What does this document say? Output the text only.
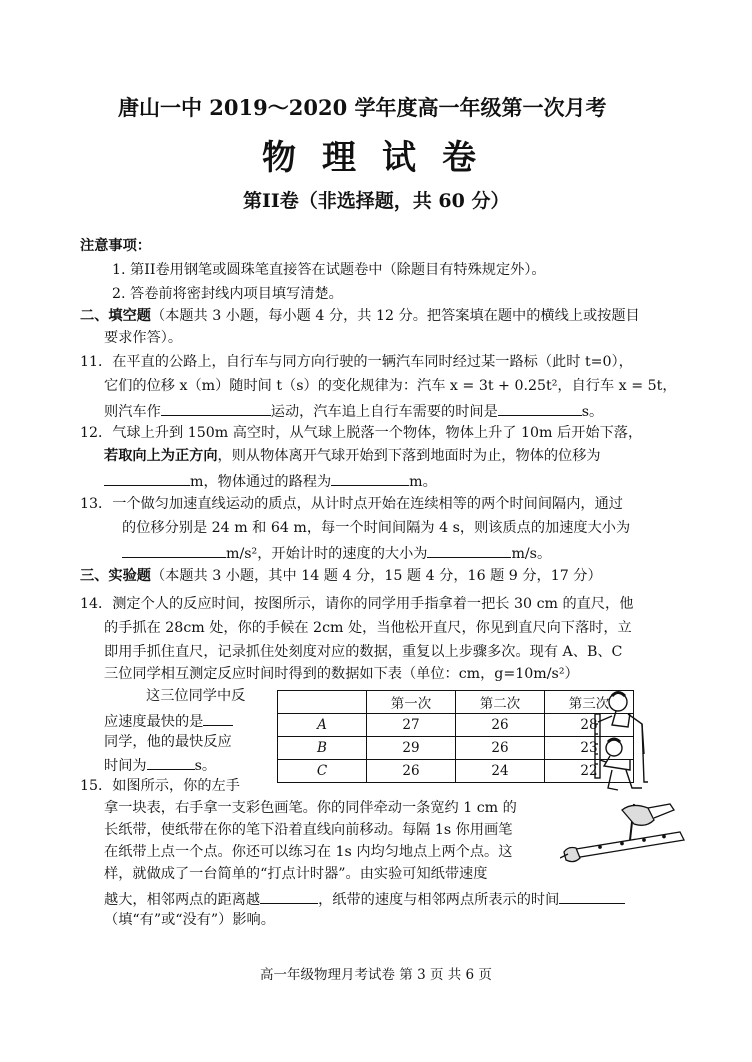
唐山一中 2019～2020 学年度高一年级第一次月考
物理试卷
第II卷（非选择题，共 60 分）
注意事项：
1. 第II卷用钢笔或圆珠笔直接答在试题卷中（除题目有特殊规定外）。
2. 答卷前将密封线内项目填写清楚。
二、填空题（本题共 3 小题，每小题 4 分，共 12 分。把答案填在题中的横线上或按题目
要求作答）。
11．在平直的公路上，自行车与同方向行驶的一辆汽车同时经过某一路标（此时 t=0），
它们的位移 x（m）随时间 t（s）的变化规律为：汽车 x = 3t + 0.25t²，自行车 x = 5t，
则汽车作	运动，汽车追上自行车需要的时间是	s。
12．气球上升到 150m 高空时，从气球上脱落一个物体，物体上升了 10m 后开始下落，
若取向上为正方向，则从物体离开气球开始到下落到地面时为止，物体的位移为
m，物体通过的路程为	m。
13．一个做匀加速直线运动的质点，从计时点开始在连续相等的两个时间间隔内，通过
的位移分别是 24 m 和 64 m，每一个时间间隔为 4 s，则该质点的加速度大小为
m/s²，开始计时的速度的大小为	m/s。
三、实验题（本题共 3 小题，其中 14 题 4 分，15 题 4 分，16 题 9 分，17 分）
14．测定个人的反应时间，按图所示，请你的同学用手指拿着一把长 30 cm 的直尺，他
的手抓在 28cm 处，你的手候在 2cm 处，当他松开直尺，你见到直尺向下落时，立
即用手抓住直尺，记录抓住处刻度对应的数据，重复以上步骤多次。现有 A、B、C
三位同学相互测定反应时间时得到的数据如下表（单位：cm，g=10m/s²）
这三位同学中反
应速度最快的是
同学，他的最快反应
时间为	s。
	第一次	第二次	第三次
A	27	26	28
B	29	26	23
C	26	24	22
15．如图所示，你的左手
拿一块表，右手拿一支彩色画笔。你的同伴牵动一条宽约 1 cm 的
长纸带，使纸带在你的笔下沿着直线向前移动。每隔 1s 你用画笔
在纸带上点一个点。你还可以练习在 1s 内均匀地点上两个点。这
样，就做成了一台简单的“打点计时器”。由实验可知纸带速度
越大，相邻两点的距离越	，纸带的速度与相邻两点所表示的时间
（填“有”或“没有”）影响。
高一年级物理月考试卷 第 3 页 共 6 页
